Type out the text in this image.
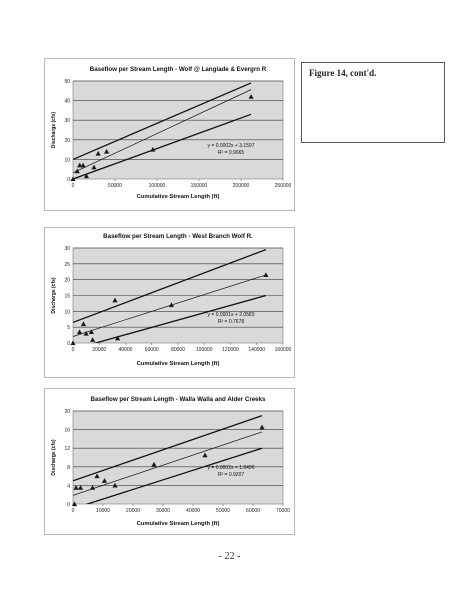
Figure 14, cont'd.
0
10
20
30
40
50
0	50000	100000	150000	200000	250000
Baseflow per Stream Length - Wolf @ Langlade & Evergrn R
Cumulative Stream Length (ft)
Discharge (cfs)	y = 0.0002x + 3.1597
R² = 0.9065
0
5
10
15
20
25
30
0	20000 40000 60000 80000 100000 120000 140000 160000
Baseflow per Stream Length - West Branch Wolf R.
Cumulative Stream Length (ft)
Discharge (cfs)
y = 0.0001x + 2.0583
R² = 0.7678
0
4
8
12
16
20
0	10000	20000	30000	40000	50000	60000	70000
Baseflow per Stream Length - Walla Walla and Alder Creeks
Cumulative Stream Length (ft)
Discharge (cfs)	y = 0.0002x + 1.8496
R² = 0.9207
- 22 -
